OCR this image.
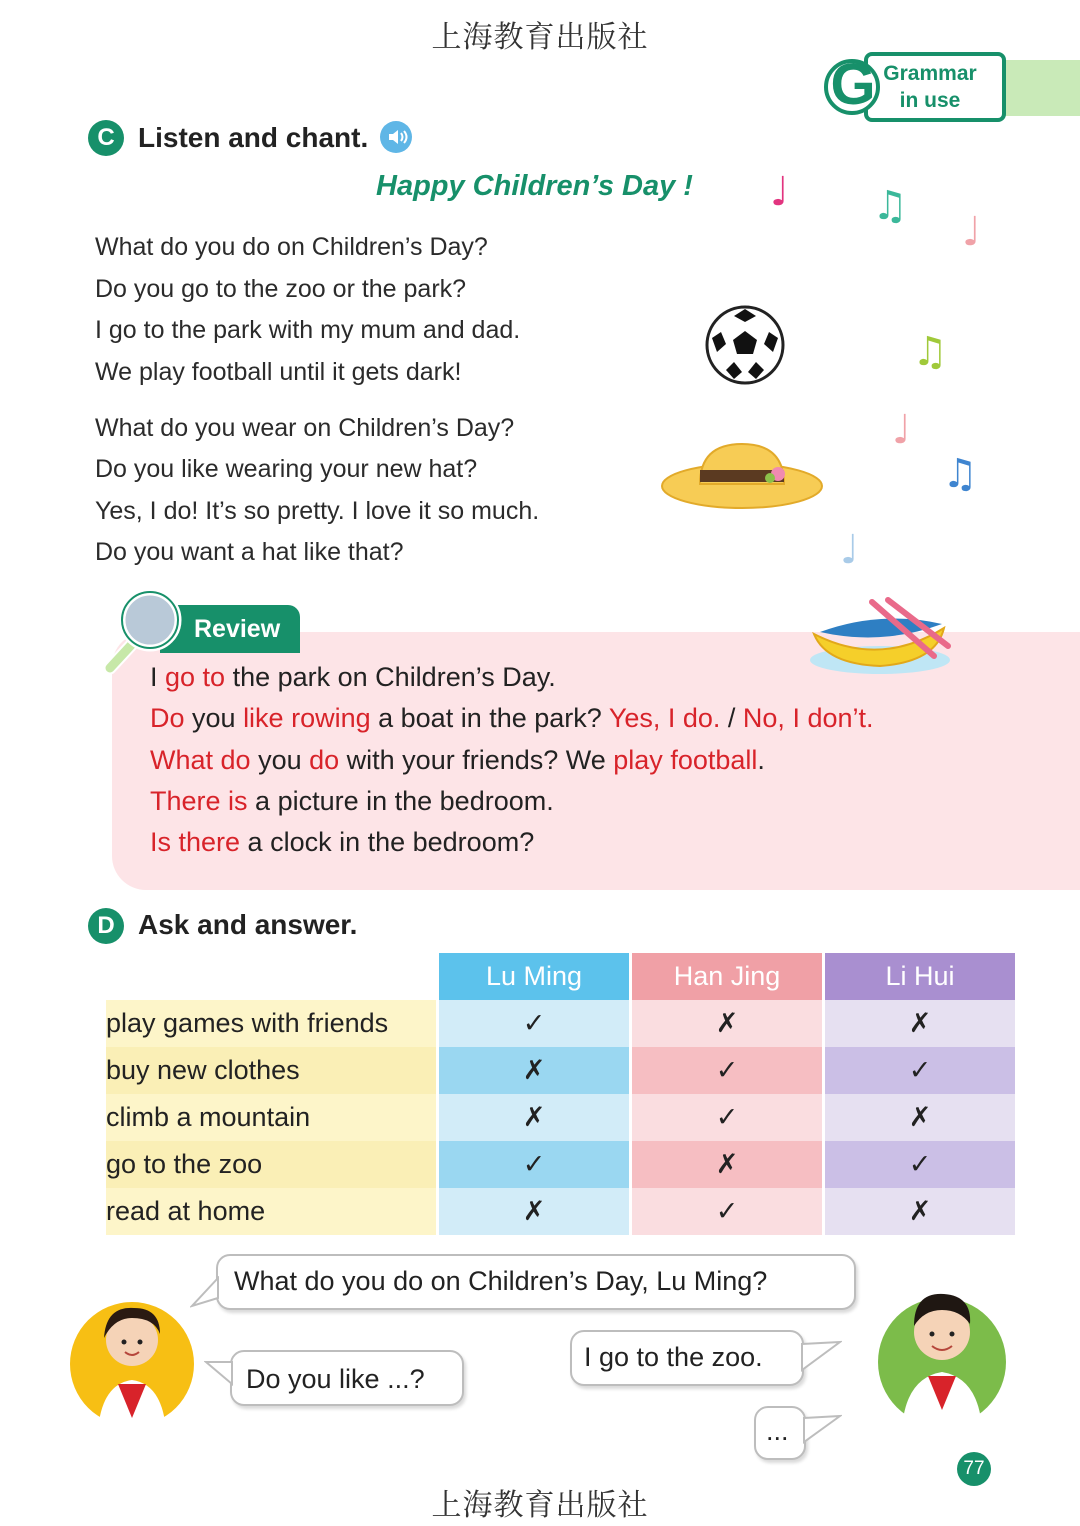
上海教育出版社
G Grammar
in use
C Listen and chant.
Happy Children’s Day !
What do you do on Children’s Day?
Do you go to the zoo or the park?
I go to the park with my mum and dad.
We play football until it gets dark!
What do you wear on Children’s Day?
Do you like wearing your new hat?
Yes, I do! It’s so pretty. I love it so much.
Do you want a hat like that?
♩ ♫
♩
♫
♩
♫
♩
Review
I go to the park on Children’s Day.
Do you like rowing a boat in the park? Yes, I do. / No, I don’t.
What do you do with your friends? We play football.
There is a picture in the bedroom.
Is there a clock in the bedroom?
D Ask and answer.
	Lu Ming	Han Jing	Li Hui
play games with friends	✓	✗	✗
buy new clothes	✗	✓	✓
climb a mountain	✗	✓	✗
go to the zoo	✓	✗	✓
read at home	✗	✓	✗
What do you do on Children’s Day, Lu Ming?
Do you like ...?
I go to the zoo.
...
77
上海教育出版社
